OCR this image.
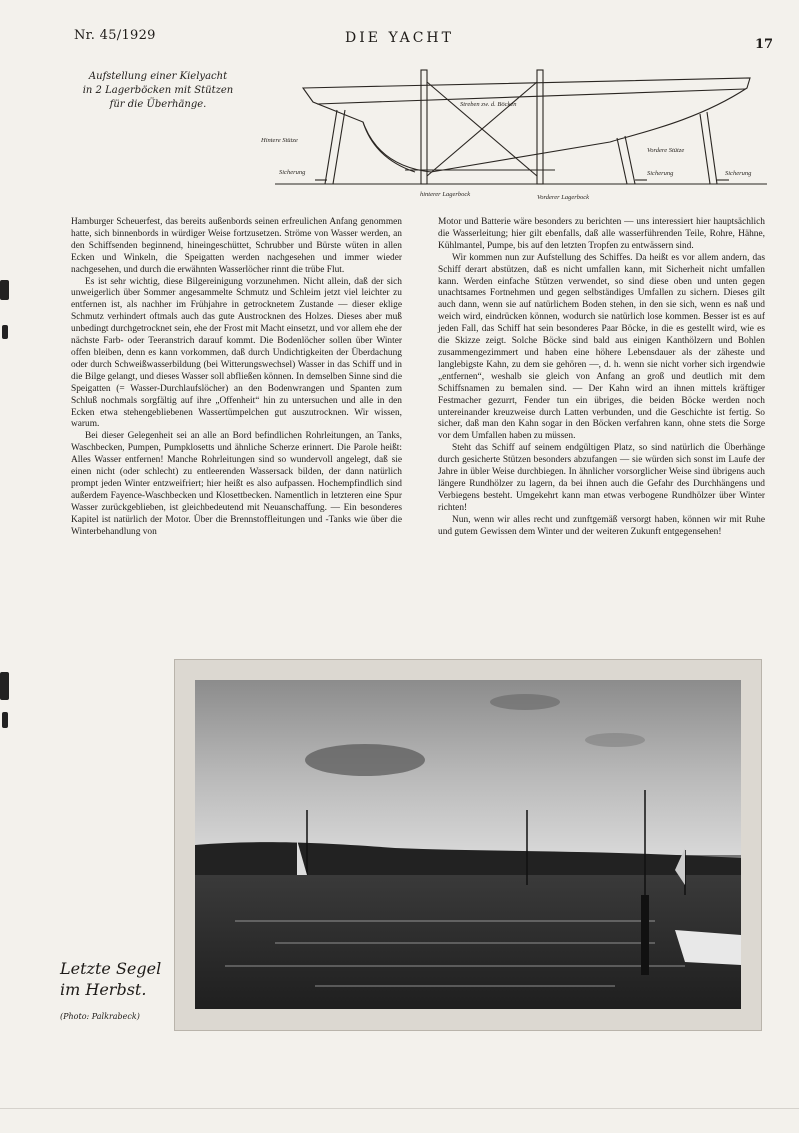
Nr. 45/1929	DIE YACHT	17
Aufstellung einer Kielyacht
in 2 Lagerböcken mit Stützen
für die Überhänge.	Streben zw. d. Böcken
Hintere Stütze
Vordere Stütze
Sicherung	Sicherung	Sicherung
hinterer Lagerbock	Vorderer Lagerbock

Hamburger Scheuerfest, das bereits außenbords seinen erfreulichen Anfang genommen hatte, sich binnenbords in würdiger Weise fortzusetzen. Ströme von Wasser werden, an den Schiffsenden beginnend, hineingeschüttet, Schrubber und Bürste wüten in allen Ecken und Winkeln, die Speigatten werden nachgesehen und immer wieder nachgesehen, und durch die erwähnten Wasserlöcher rinnt die trübe Flut.

Es ist sehr wichtig, diese Bilgereinigung vorzunehmen. Nicht allein, daß der sich unweigerlich über Sommer angesammelte Schmutz und Schleim jetzt viel leichter zu entfernen ist, als nachher im Frühjahre in getrocknetem Zustande — dieser eklige Schmutz verhindert oftmals auch das gute Austrocknen des Holzes. Dieses aber muß unbedingt durchgetrocknet sein, ehe der Frost mit Macht einsetzt, und vor allem ehe der nächste Farb- oder Teeranstrich darauf kommt. Die Bodenlöcher sollen über Winter offen bleiben, denn es kann vorkommen, daß durch Undichtigkeiten der Überdachung oder durch Schweißwasserbildung (bei Witterungswechsel) Wasser in das Schiff und in die Bilge gelangt, und dieses Wasser soll abfließen können. In demselben Sinne sind die Speigatten (= Wasser-Durchlaufslöcher) an den Bodenwrangen und Spanten zum Schluß nochmals sorgfältig auf ihre „Offenheit“ hin zu untersuchen und alle in den Ecken etwa stehengebliebenen Wassertümpelchen gut auszutrocknen. Wir wissen, warum.

Bei dieser Gelegenheit sei an alle an Bord befindlichen Rohrleitungen, an Tanks, Waschbecken, Pumpen, Pumpklosetts und ähnliche Scherze erinnert. Die Parole heißt: Alles Wasser entfernen! Manche Rohrleitungen sind so wundervoll angelegt, daß sie einen nicht (oder schlecht) zu entleerenden Wassersack bilden, der dann natürlich prompt jeden Winter entzweifriert; hier heißt es also aufpassen. Hochempfindlich sind außerdem Fayence-Waschbecken und Klosettbecken. Namentlich in letzteren eine Spur Wasser zurückgeblieben, ist gleichbedeutend mit Neuanschaffung. — Ein besonderes Kapitel ist natürlich der Motor. Über die Brennstoffleitungen und -Tanks wie über die Winterbehandlung von

Motor und Batterie wäre besonders zu berichten — uns interessiert hier hauptsächlich die Wasserleitung; hier gilt ebenfalls, daß alle wasserführenden Teile, Rohre, Hähne, Kühlmantel, Pumpe, bis auf den letzten Tropfen zu entwässern sind.

Wir kommen nun zur Aufstellung des Schiffes. Da heißt es vor allem andern, das Schiff derart abstützen, daß es nicht umfallen kann, mit Sicherheit nicht umfallen kann. Werden einfache Stützen verwendet, so sind diese oben und unten gegen unachtsames Fortnehmen und gegen selbständiges Umfallen zu sichern. Dieses gilt auch dann, wenn sie auf natürlichem Boden stehen, in den sie sich, wenn es naß und weich wird, eindrücken können, wodurch sie natürlich lose kommen. Besser ist es auf jeden Fall, das Schiff hat sein besonderes Paar Böcke, in die es gestellt wird, wie es die Skizze zeigt. Solche Böcke sind bald aus einigen Kanthölzern und Bohlen zusammengezimmert und haben eine höhere Lebensdauer als der zäheste und langlebigste Kahn, zu dem sie gehören —, d. h. wenn sie nicht vorher sich irgendwie „entfernen“, weshalb sie gleich von Anfang an groß und deutlich mit dem Schiffsnamen zu bemalen sind. — Der Kahn wird an ihnen mittels kräftiger Festmacher gezurrt, Fender tun ein übriges, die beiden Böcke werden noch untereinander kreuzweise durch Latten verbunden, und die Geschichte ist fertig. So sicher, daß man den Kahn sogar in den Böcken verfahren kann, ohne stets die Sorge vor dem Umfallen haben zu müssen.

Steht das Schiff auf seinem endgültigen Platz, so sind natürlich die Überhänge durch gesicherte Stützen besonders abzufangen — sie würden sich sonst im Laufe der Jahre in übler Weise durchbiegen. In ähnlicher vorsorglicher Weise sind übrigens auch längere Rundhölzer zu lagern, da bei ihnen auch die Gefahr des Durchhängens und Verbiegens besteht. Umgekehrt kann man etwas verbogene Rundhölzer über Winter richten!

Nun, wenn wir alles recht und zunftgemäß versorgt haben, können wir mit Ruhe und gutem Gewissen dem Winter und der weiteren Zukunft entgegensehen!

Letzte Segel
im Herbst.
(Photo: Palkrabeck)
